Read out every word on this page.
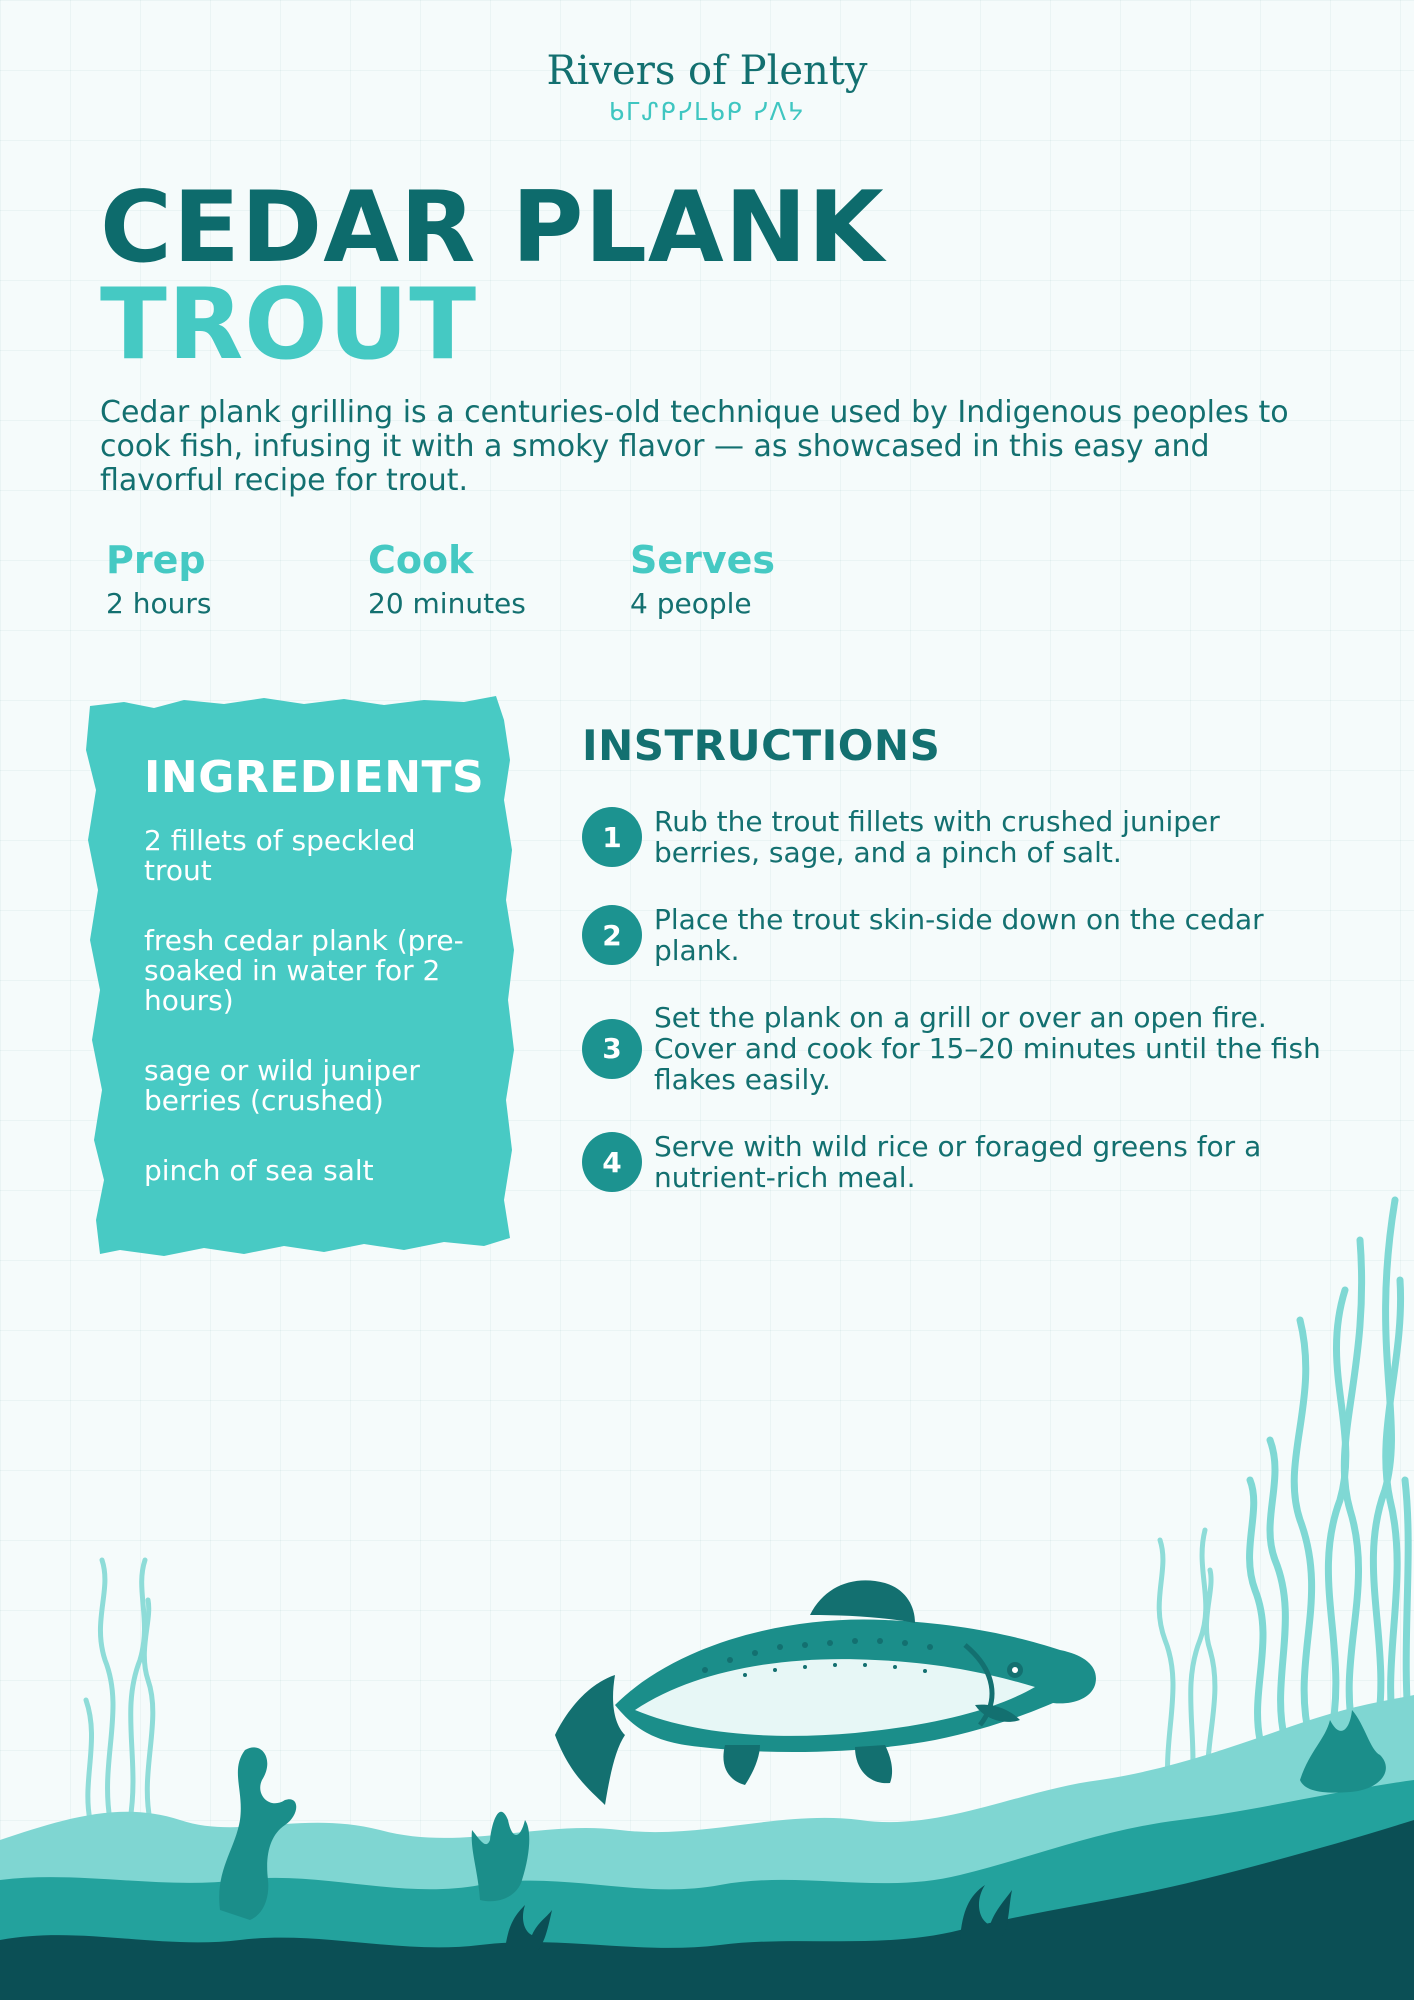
Rivers of Plenty
ᑲᒥᔑᑭᓯᒪᑲᑭ ᓯᐱᔭ
CEDAR PLANK
TROUT

Cedar plank grilling is a centuries-old technique used by Indigenous peoples to cook fish, infusing it with a smoky flavor — as showcased in this easy and flavorful recipe for trout.

Prep
2 hours
Cook
20 minutes
Serves
4 people
INGREDIENTS
2 fillets of speckled trout
fresh cedar plank (pre-soaked in water for 2 hours)
sage or wild juniper berries (crushed)
pinch of sea salt
INSTRUCTIONS
1	Rub the trout fillets with crushed juniper berries, sage, and a pinch of salt.
2	Place the trout skin-side down on the cedar plank.
3
Set the plank on a grill or over an open fire. Cover and cook for 15–20 minutes until the fish flakes easily.
4	Serve with wild rice or foraged greens for a nutrient-rich meal.
